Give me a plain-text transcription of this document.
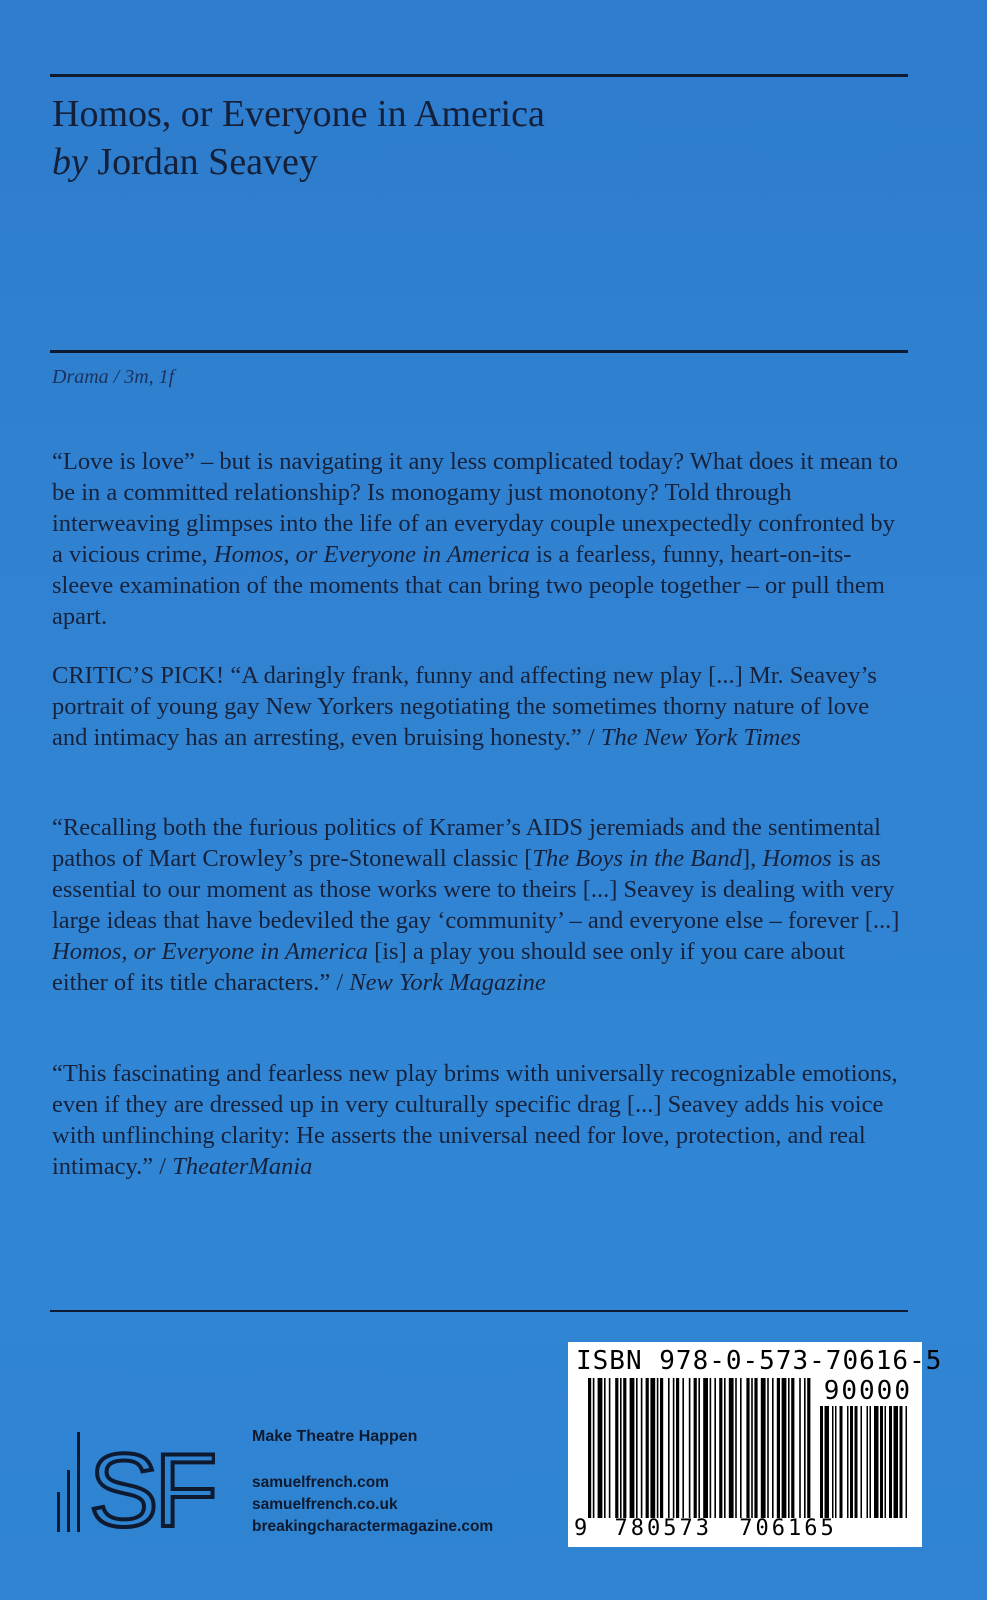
Homos, or Everyone in America
by Jordan Seavey
Drama / 3m, 1f

“Love is love” – but is navigating it any less complicated today? What does it mean to be in a committed relationship? Is monogamy just monotony? Told through interweaving glimpses into the life of an everyday couple unexpectedly confronted by a vicious crime, Homos, or Everyone in America is a fearless, funny, heart-on-its-sleeve examination of the moments that can bring two people together – or pull them apart.

CRITIC’S PICK! “A daringly frank, funny and affecting new play [...] Mr. Seavey’s portrait of young gay New Yorkers negotiating the sometimes thorny nature of love and intimacy has an arresting, even bruising honesty.” / The New York Times

“Recalling both the furious politics of Kramer’s AIDS jeremiads and the sentimental pathos of Mart Crowley’s pre-Stonewall classic [The Boys in the Band], Homos is as essential to our moment as those works were to theirs [...] Seavey is dealing with very large ideas that have bedeviled the gay ‘community’ – and everyone else – forever [...] Homos, or Everyone in America [is] a play you should see only if you care about either of its title characters.” / New York Magazine

“This fascinating and fearless new play brims with universally recognizable emotions, even if they are dressed up in very culturally specific drag [...] Seavey adds his voice with unflinching clarity: He asserts the universal need for love, protection, and real intimacy.” / TheaterMania

SF Make Theatre Happen
samuelfrench.com
samuelfrench.co.uk
breakingcharactermagazine.com
ISBN 978-0-573-70616-5
90000
9 780573 706165
